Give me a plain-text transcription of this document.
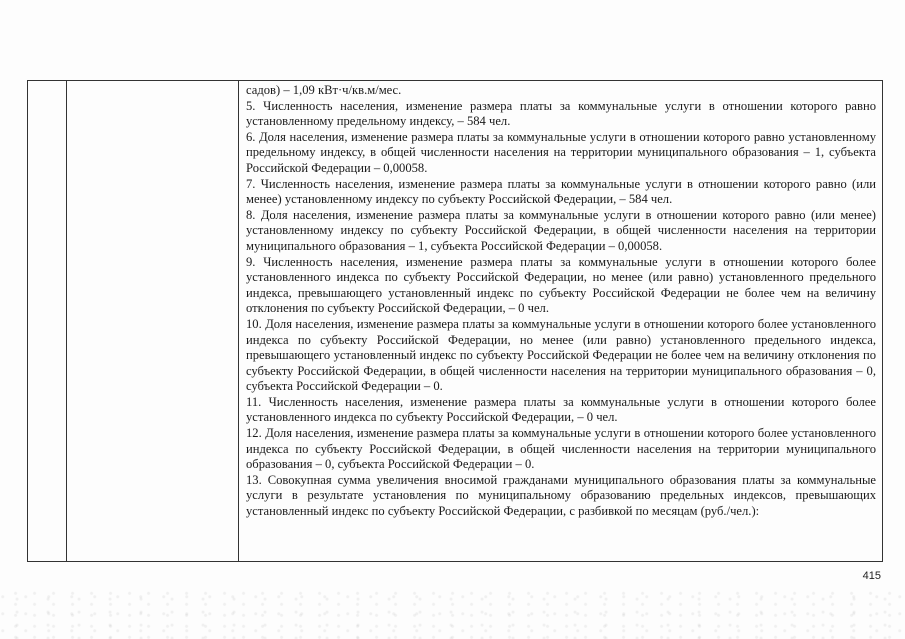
садов) – 1,09 кВт·ч/кв.м/мес.

5. Численность населения, изменение размера платы за коммунальные услуги в отношении которого равно установленному предельному индексу, – 584 чел.

6. Доля населения, изменение размера платы за коммунальные услуги в отношении которого равно установленному предельному индексу, в общей численности населения на территории муниципального образования – 1, субъекта Российской Федерации – 0,00058.

7. Численность населения, изменение размера платы за коммунальные услуги в отношении которого равно (или менее) установленному индексу по субъекту Российской Федерации, – 584 чел.

8. Доля населения, изменение размера платы за коммунальные услуги в отношении которого равно (или менее) установленному индексу по субъекту Российской Федерации, в общей численности населения на территории муниципального образования – 1, субъекта Российской Федерации – 0,00058.

9. Численность населения, изменение размера платы за коммунальные услуги в отношении которого более установленного индекса по субъекту Российской Федерации, но менее (или равно) установленного предельного индекса, превышающего установленный индекс по субъекту Российской Федерации не более чем на величину отклонения по субъекту Российской Федерации, – 0 чел.

10. Доля населения, изменение размера платы за коммунальные услуги в отношении которого более установленного индекса по субъекту Российской Федерации, но менее (или равно) установленного предельного индекса, превышающего установленный индекс по субъекту Российской Федерации не более чем на величину отклонения по субъекту Российской Федерации, в общей численности населения на территории муниципального образования – 0, субъекта Российской Федерации – 0.

11. Численность населения, изменение размера платы за коммунальные услуги в отношении которого более установленного индекса по субъекту Российской Федерации, – 0 чел.

12. Доля населения, изменение размера платы за коммунальные услуги в отношении которого более установленного индекса по субъекту Российской Федерации, в общей численности населения на территории муниципального образования – 0, субъекта Российской Федерации – 0.

13. Совокупная сумма увеличения вносимой гражданами муниципального образования платы за коммунальные услуги в результате установления по муниципальному образованию предельных индексов, превышающих установленный индекс по субъекту Российской Федерации, с разбивкой по месяцам (руб./чел.):

415
